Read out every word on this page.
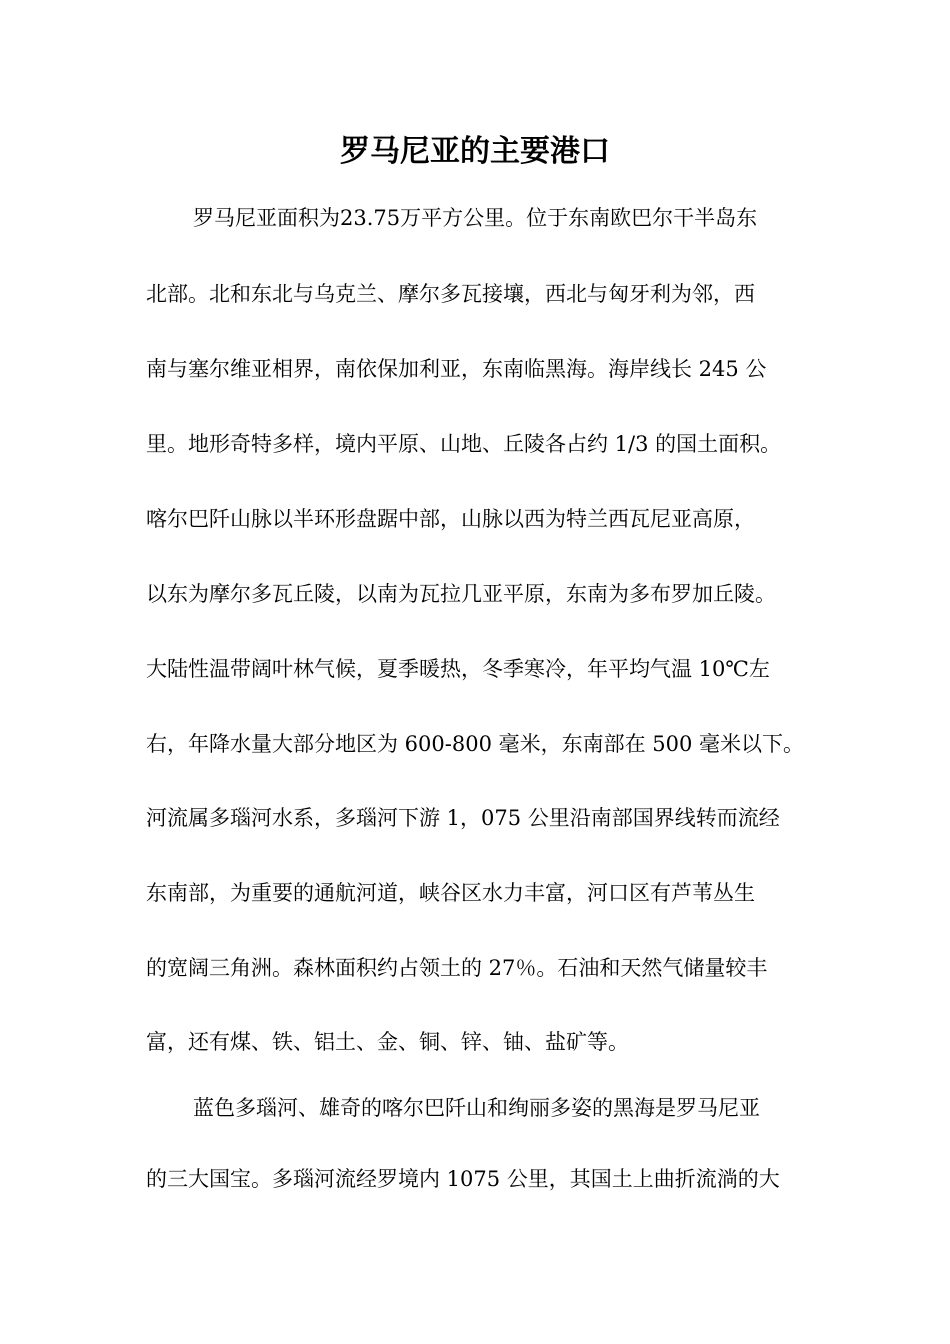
罗马尼亚的主要港口
罗马尼亚面积为23.75万平方公里。位于东南欧巴尔干半岛东
北部。北和东北与乌克兰、摩尔多瓦接壤，西北与匈牙利为邻，西
南与塞尔维亚相界，南依保加利亚，东南临黑海。海岸线长 245 公
里。地形奇特多样，境内平原、山地、丘陵各占约 1/3 的国土面积。
喀尔巴阡山脉以半环形盘踞中部，山脉以西为特兰西瓦尼亚高原，
以东为摩尔多瓦丘陵，以南为瓦拉几亚平原，东南为多布罗加丘陵。
大陆性温带阔叶林气候，夏季暖热，冬季寒冷，年平均气温 10℃左
右，年降水量大部分地区为 600-800 毫米，东南部在 500 毫米以下。
河流属多瑙河水系，多瑙河下游 1，075 公里沿南部国界线转而流经
东南部，为重要的通航河道，峡谷区水力丰富，河口区有芦苇丛生
的宽阔三角洲。森林面积约占领土的 27％。石油和天然气储量较丰
富，还有煤、铁、铝土、金、铜、锌、铀、盐矿等。
蓝色多瑙河、雄奇的喀尔巴阡山和绚丽多姿的黑海是罗马尼亚
的三大国宝。多瑙河流经罗境内 1075 公里，其国土上曲折流淌的大
